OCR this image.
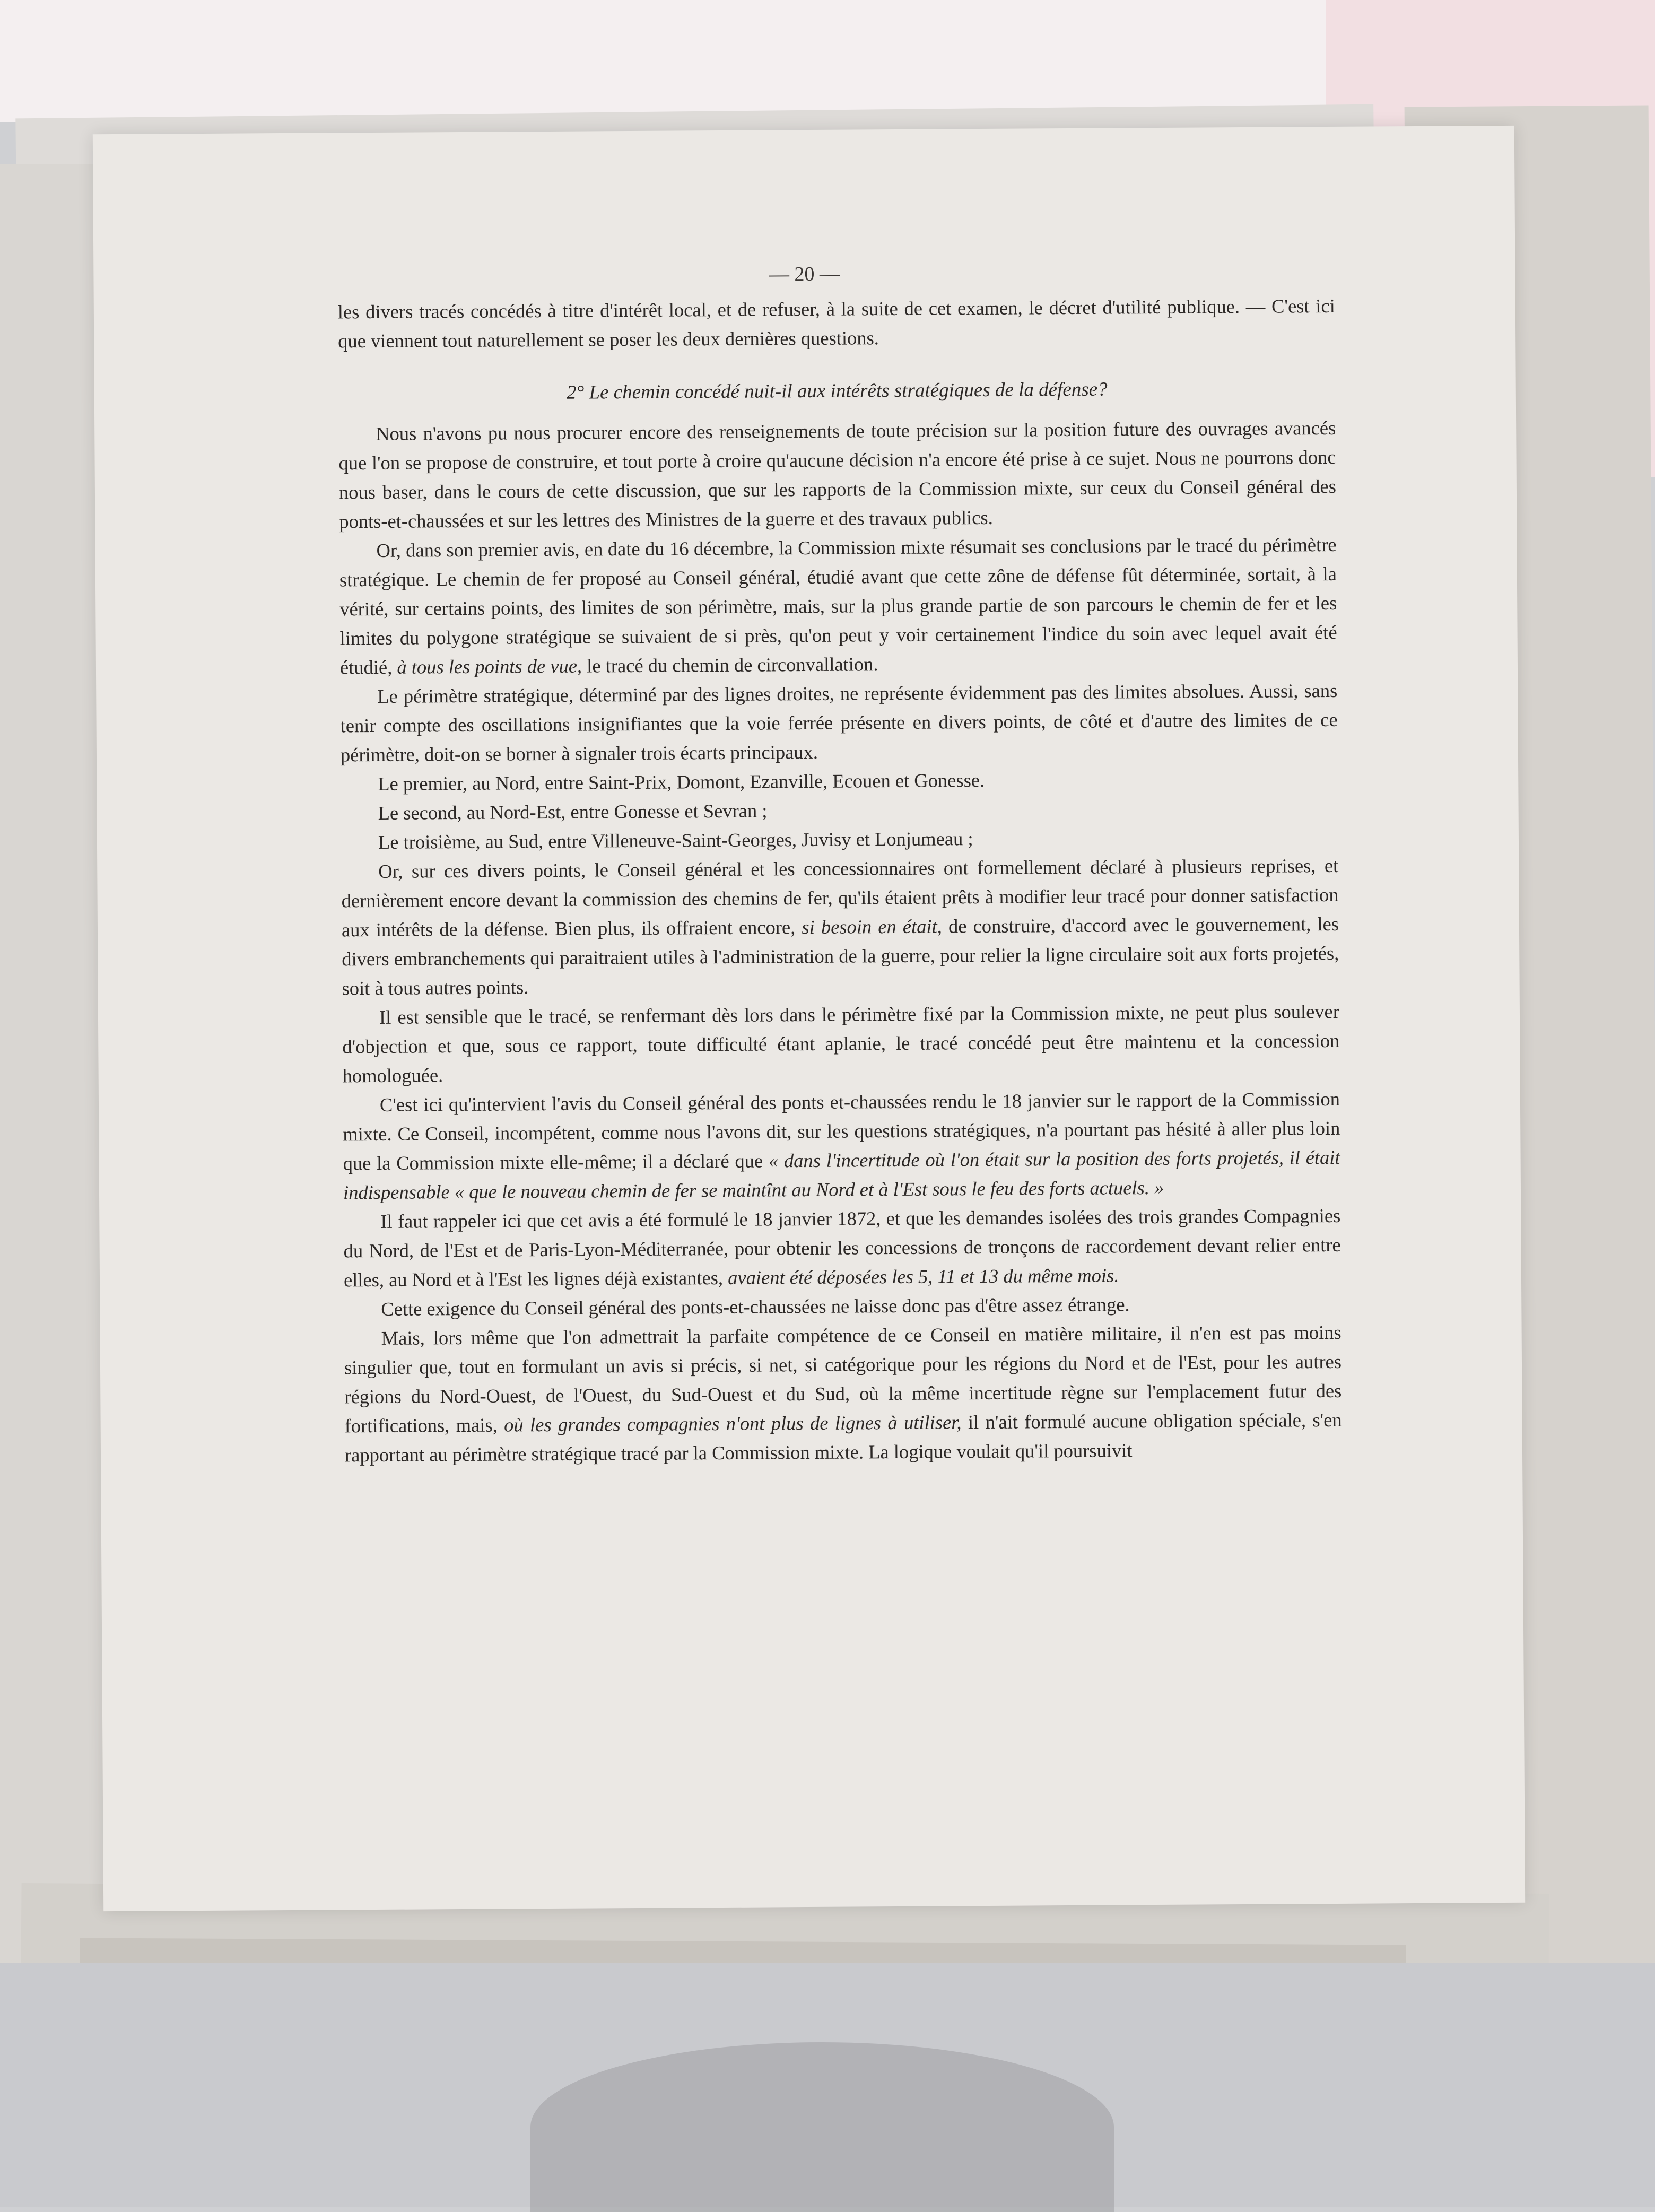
— 20 —

les divers tracés concédés à titre d'intérêt local, et de refuser, à la suite de cet examen, le décret d'utilité publique. — C'est ici que viennent tout naturellement se poser les deux dernières questions.

2° Le chemin concédé nuit-il aux intérêts stratégiques de la défense?

Nous n'avons pu nous procurer encore des renseignements de toute précision sur la position future des ouvrages avancés que l'on se propose de construire, et tout porte à croire qu'aucune décision n'a encore été prise à ce sujet. Nous ne pourrons donc nous baser, dans le cours de cette discussion, que sur les rapports de la Commission mixte, sur ceux du Conseil général des ponts-et-chaussées et sur les lettres des Ministres de la guerre et des travaux publics.

Or, dans son premier avis, en date du 16 décembre, la Commission mixte résumait ses conclusions par le tracé du périmètre stratégique. Le chemin de fer proposé au Conseil général, étudié avant que cette zône de défense fût déterminée, sortait, à la vérité, sur certains points, des limites de son périmètre, mais, sur la plus grande partie de son parcours le chemin de fer et les limites du polygone stratégique se suivaient de si près, qu'on peut y voir certainement l'indice du soin avec lequel avait été étudié, à tous les points de vue, le tracé du chemin de circonvallation.

Le périmètre stratégique, déterminé par des lignes droites, ne représente évidemment pas des limites absolues. Aussi, sans tenir compte des oscillations insignifiantes que la voie ferrée présente en divers points, de côté et d'autre des limites de ce périmètre, doit-on se borner à signaler trois écarts principaux.

Le premier, au Nord, entre Saint-Prix, Domont, Ezanville, Ecouen et Gonesse.

Le second, au Nord-Est, entre Gonesse et Sevran ;

Le troisième, au Sud, entre Villeneuve-Saint-Georges, Juvisy et Lonjumeau ;

Or, sur ces divers points, le Conseil général et les concessionnaires ont formellement déclaré à plusieurs reprises, et dernièrement encore devant la commission des chemins de fer, qu'ils étaient prêts à modifier leur tracé pour donner satisfaction aux intérêts de la défense. Bien plus, ils offraient encore, si besoin en était, de construire, d'accord avec le gouvernement, les divers embranchements qui paraitraient utiles à l'administration de la guerre, pour relier la ligne circulaire soit aux forts projetés, soit à tous autres points.

Il est sensible que le tracé, se renfermant dès lors dans le périmètre fixé par la Commission mixte, ne peut plus soulever d'objection et que, sous ce rapport, toute difficulté étant aplanie, le tracé concédé peut être maintenu et la concession homologuée.

C'est ici qu'intervient l'avis du Conseil général des ponts et-chaussées rendu le 18 janvier sur le rapport de la Commission mixte. Ce Conseil, incompétent, comme nous l'avons dit, sur les questions stratégiques, n'a pourtant pas hésité à aller plus loin que la Commission mixte elle-même; il a déclaré que « dans l'incertitude où l'on était sur la position des forts projetés, il était indispensable « que le nouveau chemin de fer se maintînt au Nord et à l'Est sous le feu des forts actuels. »

Il faut rappeler ici que cet avis a été formulé le 18 janvier 1872, et que les demandes isolées des trois grandes Compagnies du Nord, de l'Est et de Paris-Lyon-Méditerranée, pour obtenir les concessions de tronçons de raccordement devant relier entre elles, au Nord et à l'Est les lignes déjà existantes, avaient été déposées les 5, 11 et 13 du même mois.

Cette exigence du Conseil général des ponts-et-chaussées ne laisse donc pas d'être assez étrange.

Mais, lors même que l'on admettrait la parfaite compétence de ce Conseil en matière militaire, il n'en est pas moins singulier que, tout en formulant un avis si précis, si net, si catégorique pour les régions du Nord et de l'Est, pour les autres régions du Nord-Ouest, de l'Ouest, du Sud-Ouest et du Sud, où la même incertitude règne sur l'emplacement futur des fortifications, mais, où les grandes compagnies n'ont plus de lignes à utiliser, il n'ait formulé aucune obligation spéciale, s'en rapportant au périmètre stratégique tracé par la Commission mixte. La logique voulait qu'il poursuivit
